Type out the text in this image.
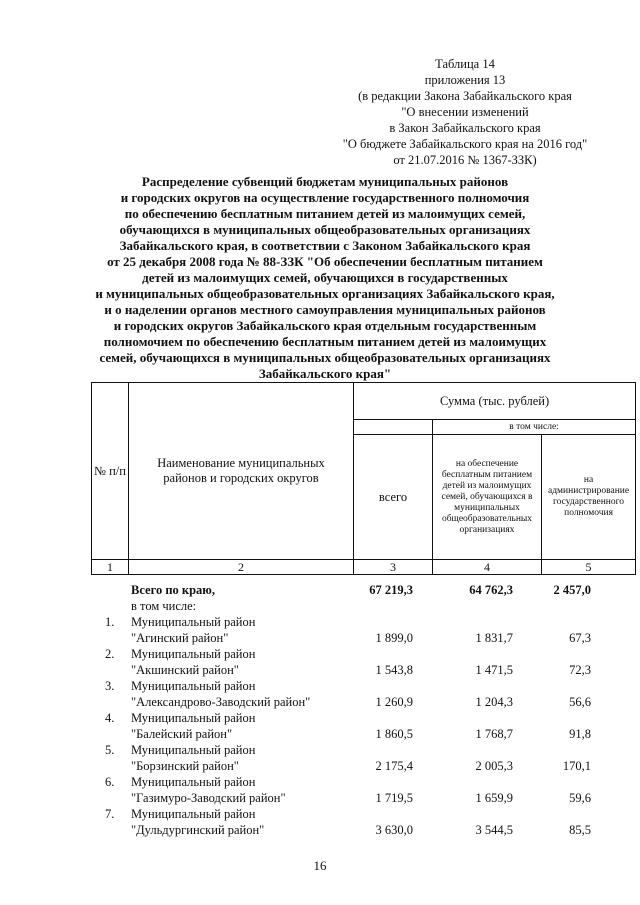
Таблица 14
приложения 13
(в редакции Закона Забайкальского края
"О внесении изменений
в Закон Забайкальского края
"О бюджете Забайкальского края на 2016 год"
от 21.07.2016 № 1367-ЗЗК)
Распределение субвенций бюджетам муниципальных районов
и городских округов на осуществление государственного полномочия
по обеспечению бесплатным питанием детей из малоимущих семей,
обучающихся в муниципальных общеобразовательных организациях
Забайкальского края, в соответствии с Законом Забайкальского края
от 25 декабря 2008 года № 88-ЗЗК "Об обеспечении бесплатным питанием
детей из малоимущих семей, обучающихся в государственных
и муниципальных общеобразовательных организациях Забайкальского края,
и о наделении органов местного самоуправления муниципальных районов
и городских округов Забайкальского края отдельным государственным
полномочием по обеспечению бесплатным питанием детей из малоимущих
семей, обучающихся в муниципальных общеобразовательных организациях
Забайкальского края"
№ п/п	Наименование муниципальных районов и городских округов	Сумма (тыс. рублей)		
			в том числе:	
		всего	на обеспечение бесплатным питанием детей из малоимущих семей, обучающихся в муниципальных общеобразовательных организациях	на администрирование государственного полномочия
1	2	3	4	5
Всего по краю,
в том числе:
67 219,3	64 762,3	2 457,0
1. Муниципальный район
"Агинский район"	1 899,0	1 831,7	67,3
2. Муниципальный район
"Акшинский район"	1 543,8	1 471,5	72,3
3. Муниципальный район
"Александрово-Заводский район"	1 260,9	1 204,3	56,6
4. Муниципальный район
"Балейский район"	1 860,5	1 768,7	91,8
5. Муниципальный район
"Борзинский район"	2 175,4	2 005,3	170,1
6. Муниципальный район
"Газимуро-Заводский район"	1 719,5	1 659,9	59,6
7. Муниципальный район
"Дульдургинский район"	3 630,0	3 544,5	85,5
16
